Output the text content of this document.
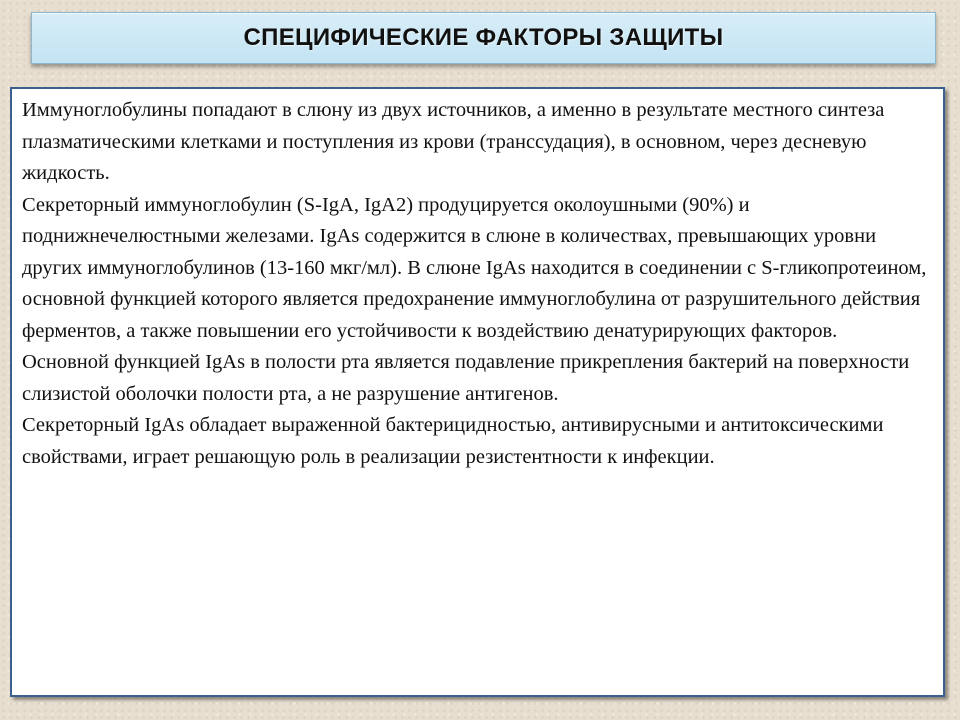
СПЕЦИФИЧЕСКИЕ ФАКТОРЫ ЗАЩИТЫ

Иммуноглобулины попадают в слюну из двух источников, а именно в результате местного синтеза плазматическими клетками и поступления из крови (транссудация), в основном, через десневую жидкость.

Секреторный иммуноглобулин (S-IgA, IgA2) продуцируется околоушными (90%) и поднижнечелюстными железами. IgAs содержится в слюне в количествах, превышающих уровни других иммуноглобулинов (13-160 мкг/мл). В слюне IgAs находится в соединении с S-гликопротеином, основной функцией которого является предохранение иммуноглобулина от разрушительного действия ферментов, а также повышении его устойчивости к воздействию денатурирующих факторов.

Основной функцией IgAs в полости рта является подавление прикрепления бактерий на поверхности слизистой оболочки полости рта, а не разрушение антигенов.

Секреторный IgAs обладает выраженной бактерицидностью, антивирусными и антитоксическими свойствами, играет решающую роль в реализации резистентности к инфекции.
